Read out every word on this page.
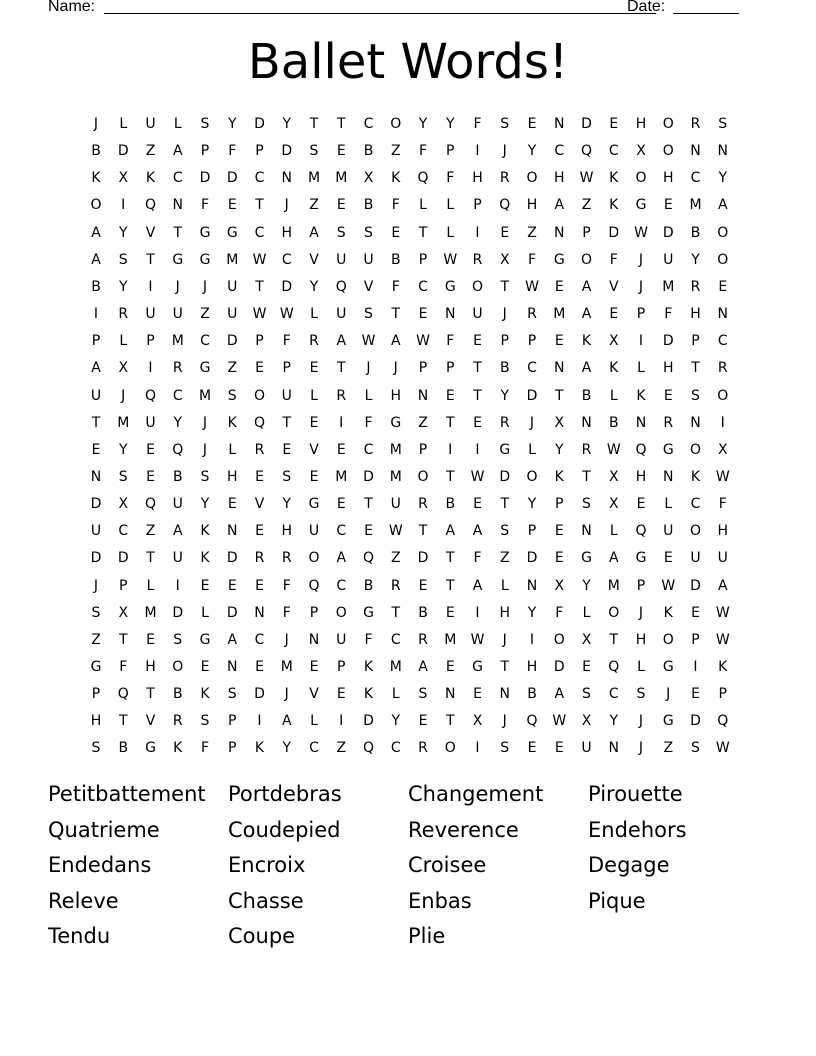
Name:	Date:
Ballet Words!
J	L	U	L	S	Y	D	Y	T	T	C	O	Y	Y	F	S	E	N	D	E	H	O	R	S
B	D	Z	A	P	F	P	D	S	E	B	Z	F	P	I	J	Y	C	Q	C	X	O	N	N
K	X	K	C	D	D	C	N	M	M	X	K	Q	F	H	R	O	H	W	K	O	H	C	Y
O	I	Q	N	F	E	T	J	Z	E	B	F	L	L	P	Q	H	A	Z	K	G	E	M	A
A	Y	V	T	G	G	C	H	A	S	S	E	T	L	I	E	Z	N	P	D	W	D	B	O
A	S	T	G	G	M	W	C	V	U	U	B	P	W	R	X	F	G	O	F	J	U	Y	O
B	Y	I	J	J	U	T	D	Y	Q	V	F	C	G	O	T	W	E	A	V	J	M	R	E
I	R	U	U	Z	U	W W	L	U	S	T	E	N	U	J	R	M	A	E	P	F	H	N
P	L	P	M	C	D	P	F	R	A	W	A	W	F	E	P	P	E	K	X	I	D	P	C
A	X	I	R	G	Z	E	P	E	T	J	J	P	P	T	B	C	N	A	K	L	H	T	R
U	J	Q	C	M	S	O	U	L	R	L	H	N	E	T	Y	D	T	B	L	K	E	S	O
T	M	U	Y	J	K	Q	T	E	I	F	G	Z	T	E	R	J	X	N	B	N	R	N	I
E	Y	E	Q	J	L	R	E	V	E	C	M	P	I	I	G	L	Y	R	W	Q	G	O	X
N	S	E	B	S	H	E	S	E	M	D	M	O	T	W	D	O	K	T	X	H	N	K	W
D	X	Q	U	Y	E	V	Y	G	E	T	U	R	B	E	T	Y	P	S	X	E	L	C	F
U	C	Z	A	K	N	E	H	U	C	E	W	T	A	A	S	P	E	N	L	Q	U	O	H
D	D	T	U	K	D	R	R	O	A	Q	Z	D	T	F	Z	D	E	G	A	G	E	U	U
J	P	L	I	E	E	E	F	Q	C	B	R	E	T	A	L	N	X	Y	M	P	W	D	A
S	X	M	D	L	D	N	F	P	O	G	T	B	E	I	H	Y	F	L	O	J	K	E	W
Z	T	E	S	G	A	C	J	N	U	F	C	R	M	W	J	I	O	X	T	H	O	P	W
G	F	H	O	E	N	E	M	E	P	K	M	A	E	G	T	H	D	E	Q	L	G	I	K
P	Q	T	B	K	S	D	J	V	E	K	L	S	N	E	N	B	A	S	C	S	J	E	P
H	T	V	R	S	P	I	A	L	I	D	Y	E	T	X	J	Q	W	X	Y	J	G	D	Q
S	B	G	K	F	P	K	Y	C	Z	Q	C	R	O	I	S	E	E	U	N	J	Z	S	W
Petitbattement Portdebras	Changement Pirouette
Quatrieme	Coudepied	Reverence	Endehors
Endedans	Encroix	Croisee	Degage
Releve	Chasse	Enbas	Pique
Tendu	Coupe	Plie
